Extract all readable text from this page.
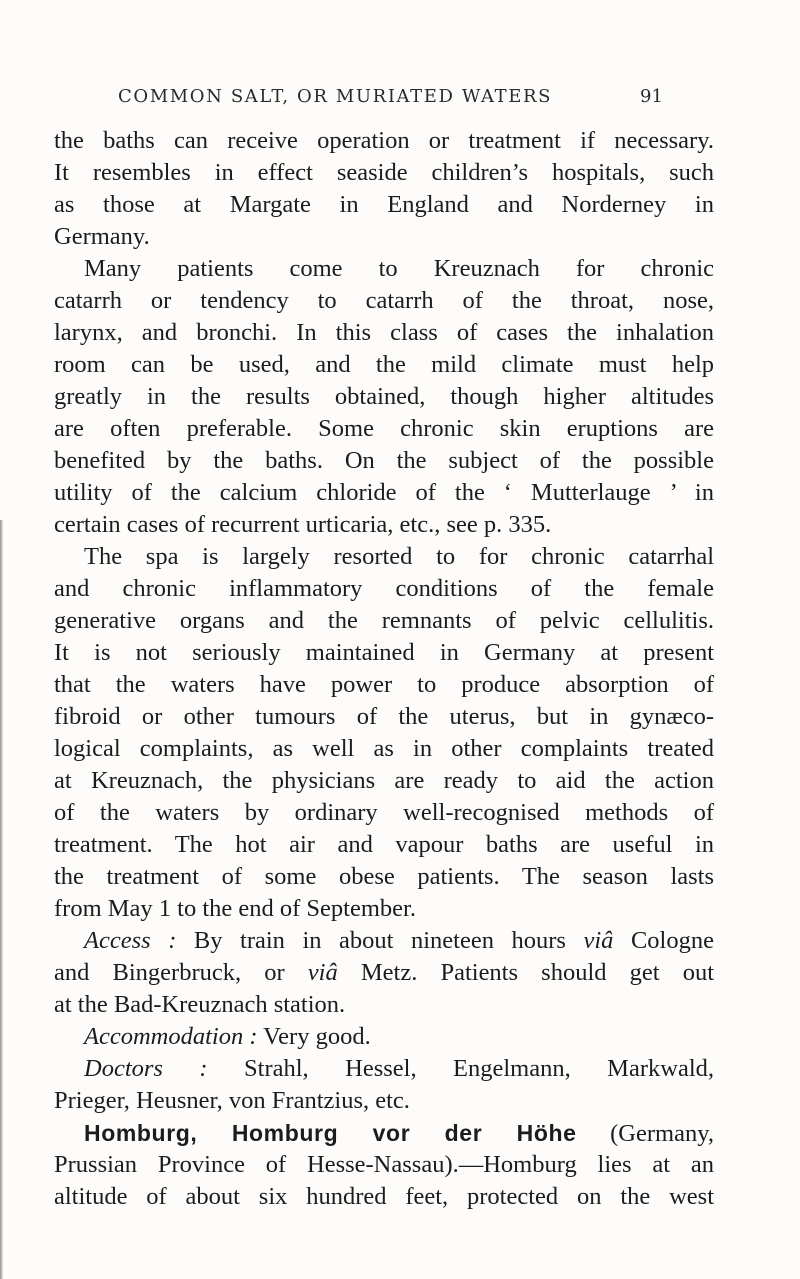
COMMON SALT, OR MURIATED WATERS	91
the baths can receive operation or treatment if necessary.
It resembles in effect seaside children’s hospitals, such
as those at Margate in England and Norderney in
Germany.
Many patients come to Kreuznach for chronic
catarrh or tendency to catarrh of the throat, nose,
larynx, and bronchi. In this class of cases the inhalation
room can be used, and the mild climate must help
greatly in the results obtained, though higher altitudes
are often preferable. Some chronic skin eruptions are
benefited by the baths. On the subject of the possible
utility of the calcium chloride of the ‘ Mutterlauge ’ in
certain cases of recurrent urticaria, etc., see p. 335.
The spa is largely resorted to for chronic catarrhal
and chronic inflammatory conditions of the female
generative organs and the remnants of pelvic cellulitis.
It is not seriously maintained in Germany at present
that the waters have power to produce absorption of
fibroid or other tumours of the uterus, but in gynæco-
logical complaints, as well as in other complaints treated
at Kreuznach, the physicians are ready to aid the action
of the waters by ordinary well-recognised methods of
treatment. The hot air and vapour baths are useful in
the treatment of some obese patients. The season lasts
from May 1 to the end of September.
Access : By train in about nineteen hours viâ Cologne
and Bingerbruck, or viâ Metz. Patients should get out
at the Bad-Kreuznach station.
Accommodation : Very good.
Doctors : Strahl, Hessel, Engelmann, Markwald,
Prieger, Heusner, von Frantzius, etc.
Homburg, Homburg vor der Höhe (Germany,
Prussian Province of Hesse-Nassau).—Homburg lies at an
altitude of about six hundred feet, protected on the west
